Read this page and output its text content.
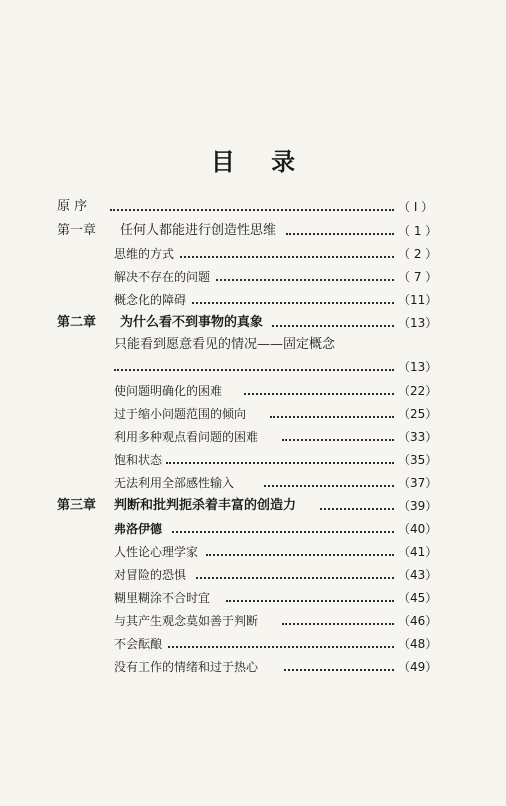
目 录
原 序	（ I ）
第一章	任何人都能进行创造性思维	（ 1 ）
思维的方式	（ 2 ）
解决不存在的问题	（ 7 ）
概念化的障碍	（11）
第二章	为什么看不到事物的真象	（13）
只能看到愿意看见的情况——固定概念
（13）
使问题明确化的困难	（22）
过于缩小问题范围的倾向	（25）
利用多种观点看问题的困难	（33）
饱和状态	（35）
无法利用全部感性输入	（37）
第三章	判断和批判扼杀着丰富的创造力	（39）
弗洛伊德	（40）
人性论心理学家	（41）
对冒险的恐惧	（43）
糊里糊涂不合时宜	（45）
与其产生观念莫如善于判断	（46）
不会酝酿	（48）
没有工作的情绪和过于热心	（49）
